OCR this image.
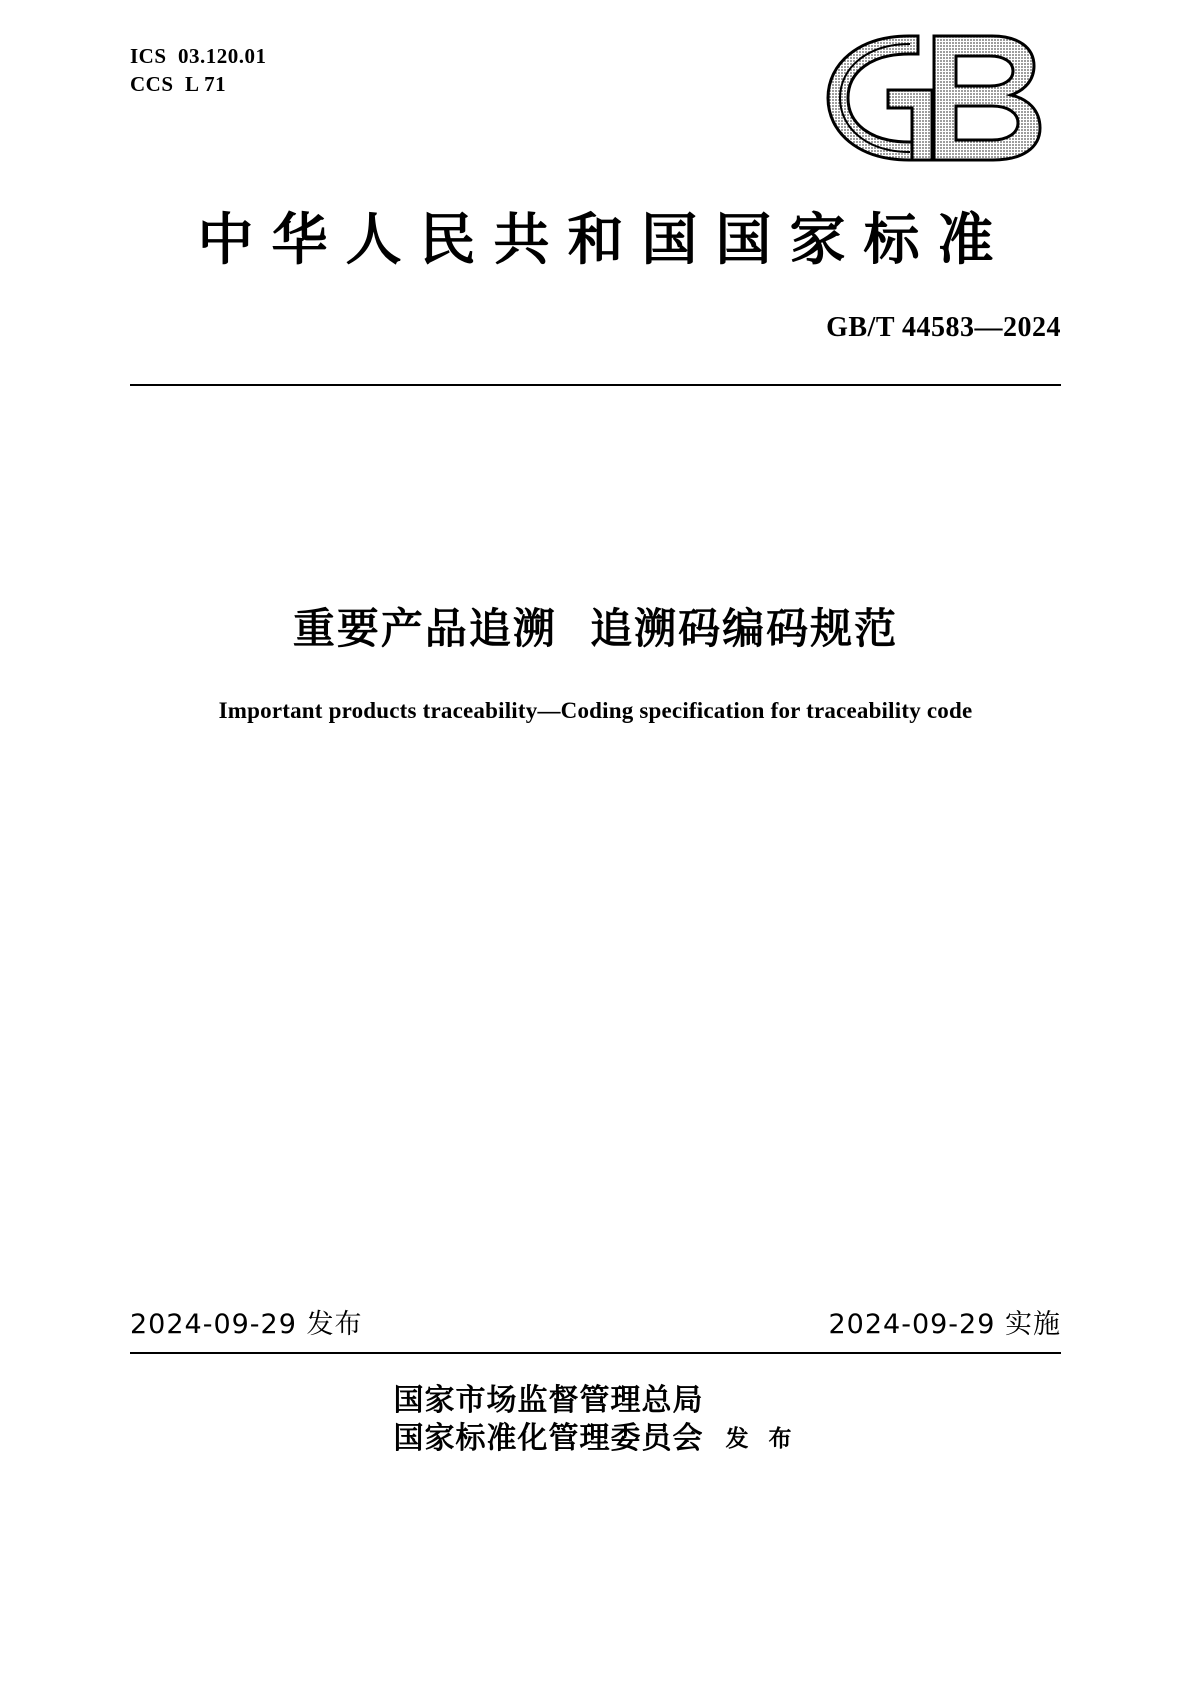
ICS  03.120.01
CCS  L 71
中华人民共和国国家标准
GB/T 44583—2024
重要产品追溯  追溯码编码规范
Important products traceability—Coding specification for traceability code
2024-09-29 发布	2024-09-29 实施
国家市场监督管理总局
国家标准化管理委员会 发 布
